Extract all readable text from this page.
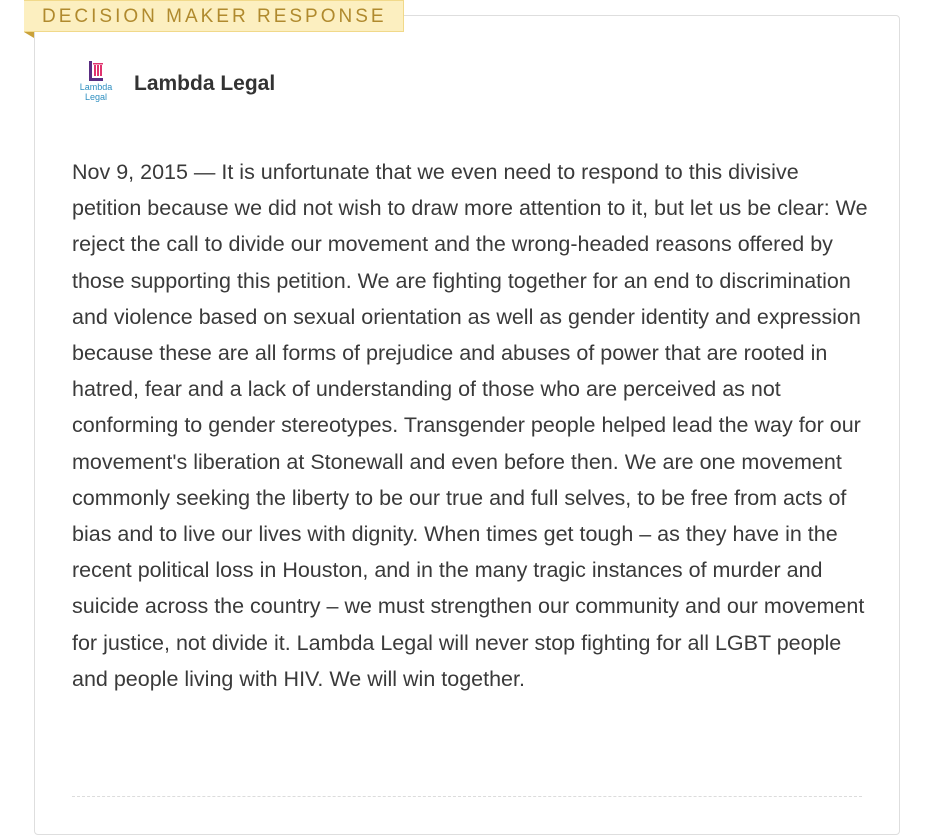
DECISION MAKER RESPONSE
Lambda
Legal
Lambda Legal

Nov 9, 2015 — It is unfortunate that we even need to respond to this divisive petition because we did not wish to draw more attention to it, but let us be clear: We reject the call to divide our movement and the wrong-headed reasons offered by those supporting this petition. We are fighting together for an end to discrimination and violence based on sexual orientation as well as gender identity and expression because these are all forms of prejudice and abuses of power that are rooted in hatred, fear and a lack of understanding of those who are perceived as not conforming to gender stereotypes. Transgender people helped lead the way for our movement's liberation at Stonewall and even before then. We are one movement commonly seeking the liberty to be our true and full selves, to be free from acts of bias and to live our lives with dignity. When times get tough – as they have in the recent political loss in Houston, and in the many tragic instances of murder and suicide across the country – we must strengthen our community and our movement for justice, not divide it. Lambda Legal will never stop fighting for all LGBT people and people living with HIV. We will win together.
